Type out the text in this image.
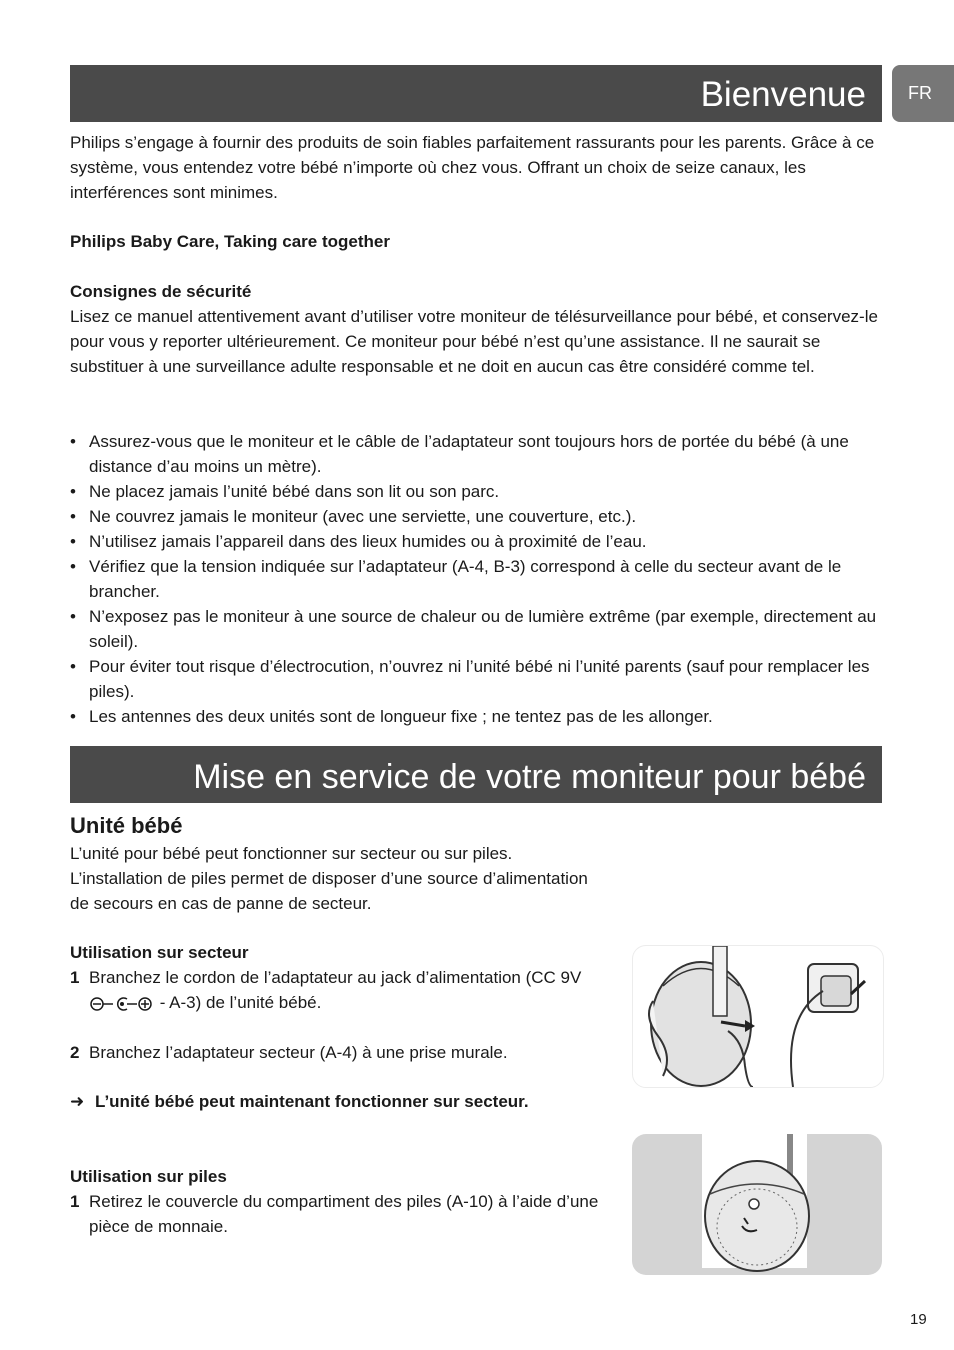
Bienvenue	FR

Philips s’engage à fournir des produits de soin fiables parfaitement rassurants pour les parents. Grâce à ce système, vous entendez votre bébé n’importe où chez vous. Offrant un choix de seize canaux, les interférences sont minimes.

Philips Baby Care, Taking care together

Consignes de sécurité

Lisez ce manuel attentivement avant d’utiliser votre moniteur de télésurveillance pour bébé, et conservez-le pour vous y reporter ultérieurement. Ce moniteur pour bébé n’est qu’une assistance. Il ne saurait se substituer à une surveillance adulte responsable et ne doit en aucun cas être considéré comme tel.

• Assurez-vous que le moniteur et le câble de l’adaptateur sont toujours hors de portée du bébé (à une distance d’au moins un mètre).
• Ne placez jamais l’unité bébé dans son lit ou son parc.
• Ne couvrez jamais le moniteur (avec une serviette, une couverture, etc.).
• N’utilisez jamais l’appareil dans des lieux humides ou à proximité de l’eau.
• Vérifiez que la tension indiquée sur l’adaptateur (A-4, B-3) correspond à celle du secteur avant de le brancher.
• N’exposez pas le moniteur à une source de chaleur ou de lumière extrême (par exemple, directement au soleil).
• Pour éviter tout risque d’électrocution, n’ouvrez ni l’unité bébé ni l’unité parents (sauf pour remplacer les piles).
• Les antennes des deux unités sont de longueur fixe ; ne tentez pas de les allonger.
Mise en service de votre moniteur pour bébé
Unité bébé

L’unité pour bébé peut fonctionner sur secteur ou sur piles. L’installation de piles permet de disposer d’une source d’alimentation de secours en cas de panne de secteur.

Utilisation sur secteur

1 Branchez le cordon de l’adaptateur au jack d’alimentation (CC 9V  - A-3) de l’unité bébé.
2 Branchez l’adaptateur secteur (A-4) à une prise murale.
➜ L’unité bébé peut maintenant fonctionner sur secteur.

Utilisation sur piles

1 Retirez le couvercle du compartiment des piles (A-10) à l’aide d’une pièce de monnaie.
19
